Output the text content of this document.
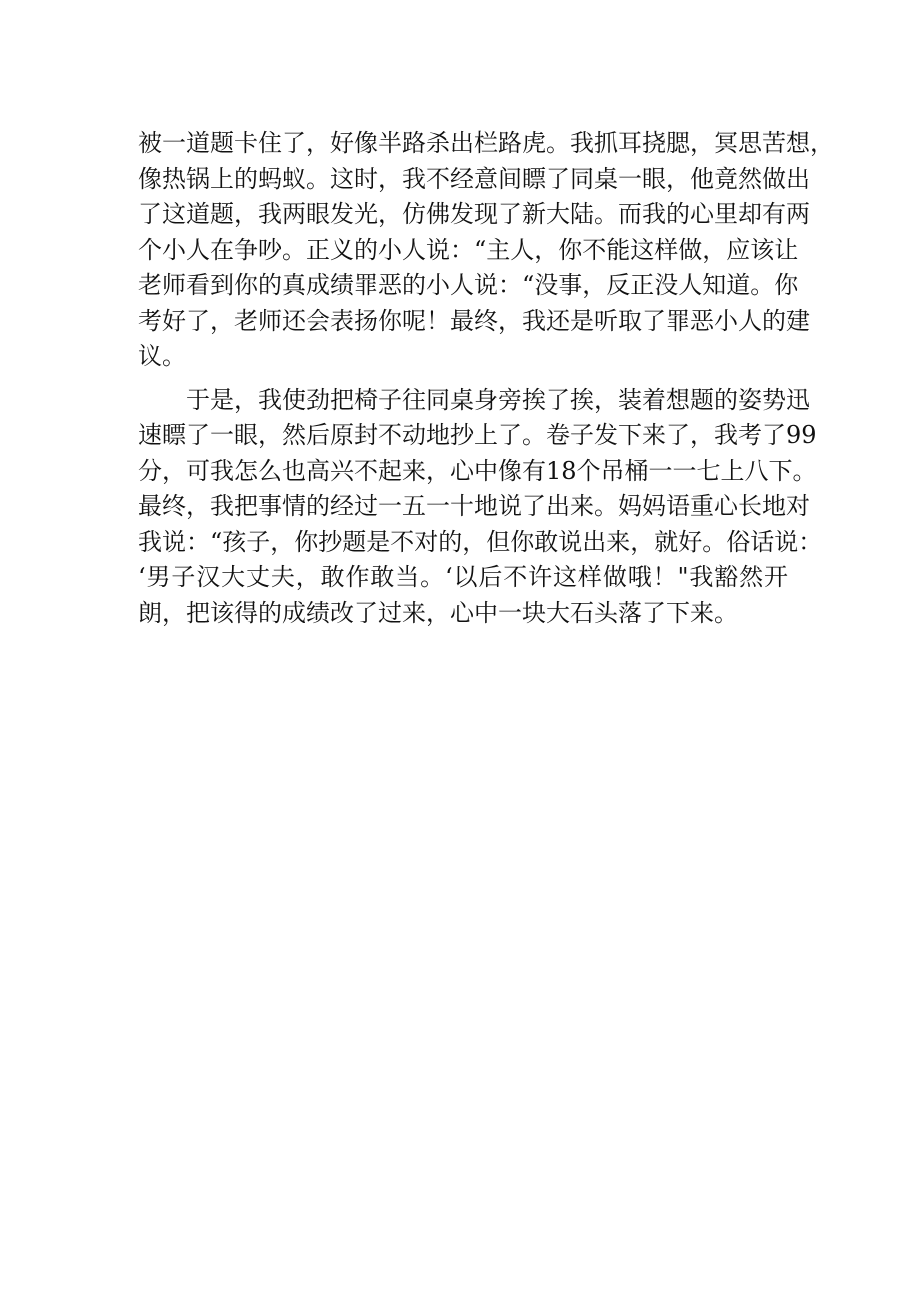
被一道题卡住了，好像半路杀出栏路虎。我抓耳挠腮，冥思苦想，
像热锅上的蚂蚁。这时，我不经意间瞟了同桌一眼，他竟然做出
了这道题，我两眼发光，仿佛发现了新大陆。而我的心里却有两
个小人在争吵。正义的小人说：“主人，你不能这样做，应该让
老师看到你的真成绩罪恶的小人说：“没事，反正没人知道。你
考好了，老师还会表扬你呢！最终，我还是听取了罪恶小人的建
议。
于是，我使劲把椅子往同桌身旁挨了挨，装着想题的姿势迅
速瞟了一眼，然后原封不动地抄上了。卷子发下来了，我考了99
分，可我怎么也高兴不起来，心中像有18个吊桶一一七上八下。
最终，我把事情的经过一五一十地说了出来。妈妈语重心长地对
我说：“孩子，你抄题是不对的，但你敢说出来，就好。俗话说：
‘男子汉大丈夫，敢作敢当。‘以后不许这样做哦！"我豁然开
朗，把该得的成绩改了过来，心中一块大石头落了下来。
